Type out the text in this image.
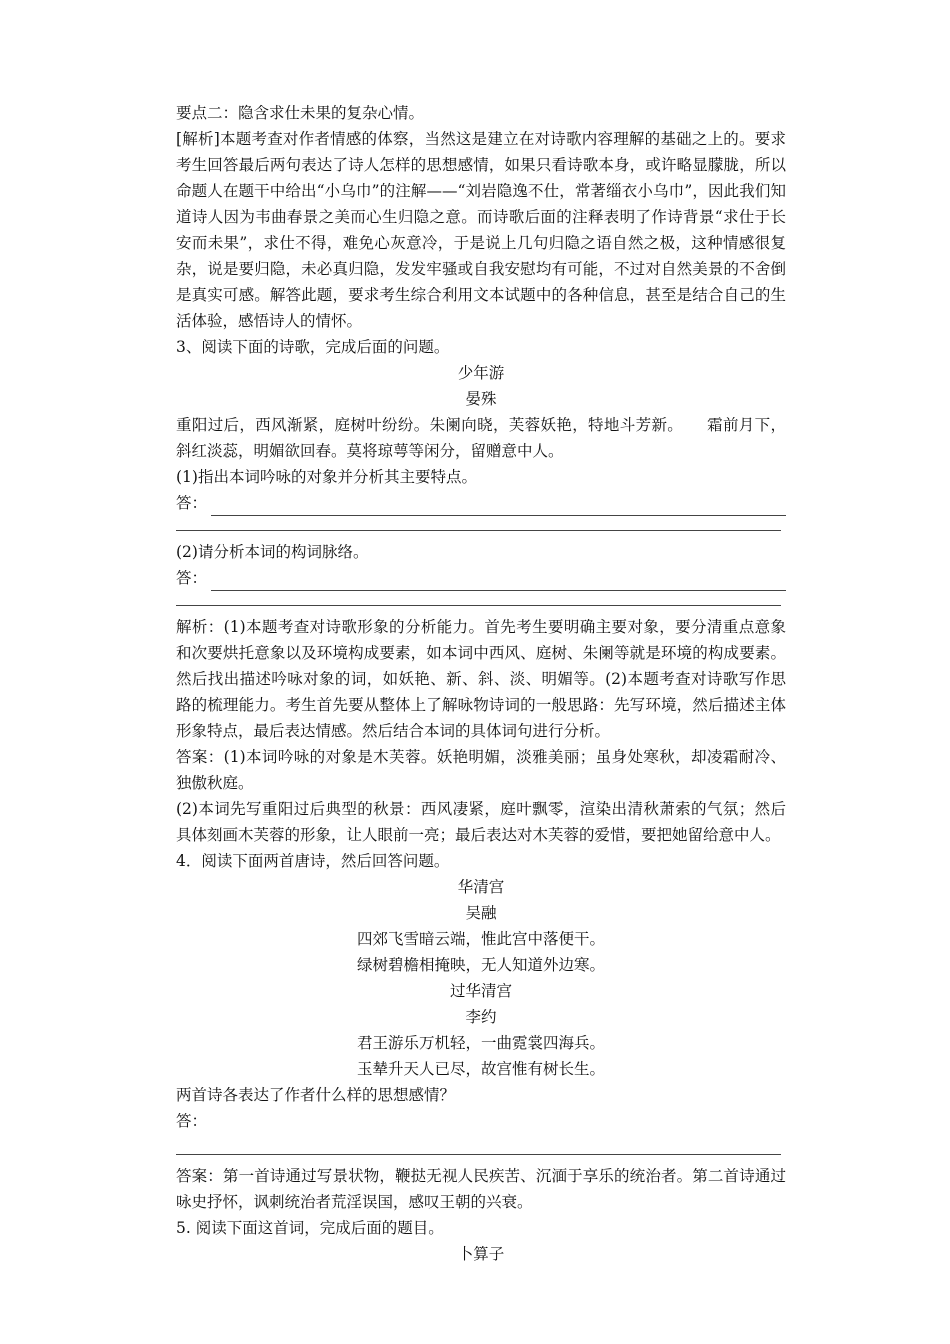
要点二：隐含求仕未果的复杂心情。

[解析]本题考查对作者情感的体察，当然这是建立在对诗歌内容理解的基础之上的。要求考生回答最后两句表达了诗人怎样的思想感情，如果只看诗歌本身，或许略显朦胧，所以命题人在题干中给出“小乌巾”的注解——“刘岩隐逸不仕，常著缁衣小乌巾”，因此我们知道诗人因为韦曲春景之美而心生归隐之意。而诗歌后面的注释表明了作诗背景“求仕于长安而未果”，求仕不得，难免心灰意冷，于是说上几句归隐之语自然之极，这种情感很复杂，说是要归隐，未必真归隐，发发牢骚或自我安慰均有可能，不过对自然美景的不舍倒是真实可感。解答此题，要求考生综合利用文本试题中的各种信息，甚至是结合自己的生活体验，感悟诗人的情怀。

3、阅读下面的诗歌，完成后面的问题。

少年游

晏殊

重阳过后，西风渐紧，庭树叶纷纷。朱阑向晓，芙蓉妖艳，特地斗芳新。　　霜前月下，斜红淡蕊，明媚欲回春。莫将琼萼等闲分，留赠意中人。

(1)指出本词吟咏的对象并分析其主要特点。

答：

(2)请分析本词的构词脉络。

答：

解析：(1)本题考查对诗歌形象的分析能力。首先考生要明确主要对象，要分清重点意象和次要烘托意象以及环境构成要素，如本词中西风、庭树、朱阑等就是环境的构成要素。然后找出描述吟咏对象的词，如妖艳、新、斜、淡、明媚等。(2)本题考查对诗歌写作思路的梳理能力。考生首先要从整体上了解咏物诗词的一般思路：先写环境，然后描述主体形象特点，最后表达情感。然后结合本词的具体词句进行分析。

答案：(1)本词吟咏的对象是木芙蓉。妖艳明媚，淡雅美丽；虽身处寒秋，却凌霜耐冷、独傲秋庭。

(2)本词先写重阳过后典型的秋景：西风凄紧，庭叶飘零，渲染出清秋萧索的气氛；然后具体刻画木芙蓉的形象，让人眼前一亮；最后表达对木芙蓉的爱惜，要把她留给意中人。

4．阅读下面两首唐诗，然后回答问题。

华清宫

吴融

四郊飞雪暗云端，惟此宫中落便干。

绿树碧檐相掩映，无人知道外边寒。

过华清宫

李约

君王游乐万机轻，一曲霓裳四海兵。

玉辇升天人已尽，故宫惟有树长生。

两首诗各表达了作者什么样的思想感情？

答：

答案：第一首诗通过写景状物，鞭挞无视人民疾苦、沉湎于享乐的统治者。第二首诗通过咏史抒怀，讽刺统治者荒淫误国，感叹王朝的兴衰。

5. 阅读下面这首词，完成后面的题目。

卜算子
